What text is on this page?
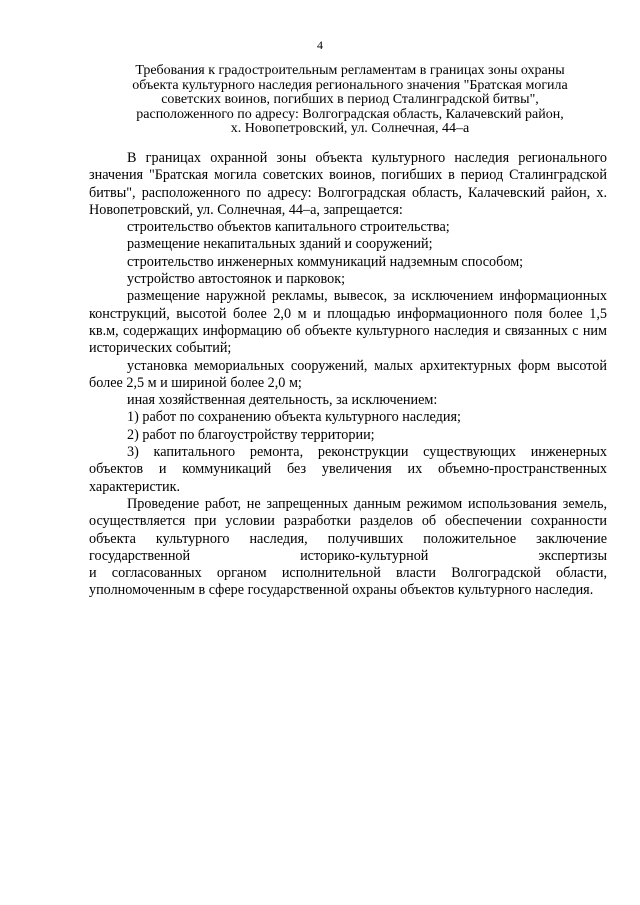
4
Требования к градостроительным регламентам в границах зоны охраны
объекта культурного наследия регионального значения "Братская могила
советских воинов, погибших в период Сталинградской битвы",
расположенного по адресу: Волгоградская область, Калачевский район,
х. Новопетровский, ул. Солнечная, 44–а

В границах охранной зоны объекта культурного наследия регионального значения "Братская могила советских воинов, погибших в период Сталинградской битвы", расположенного по адресу: Волгоградская область, Калачевский район, х. Новопетровский, ул. Солнечная, 44–а, запрещается:

строительство объектов капитального строительства;

размещение некапитальных зданий и сооружений;

строительство инженерных коммуникаций надземным способом;

устройство автостоянок и парковок;

размещение наружной рекламы, вывесок, за исключением информационных конструкций, высотой более 2,0 м и площадью информационного поля более 1,5 кв.м, содержащих информацию об объекте культурного наследия и связанных с ним исторических событий;

установка мемориальных сооружений, малых архитектурных форм высотой более 2,5 м и шириной более 2,0 м;

иная хозяйственная деятельность, за исключением:

1) работ по сохранению объекта культурного наследия;

2) работ по благоустройству территории;

3) капитального ремонта, реконструкции существующих инженерных объектов и коммуникаций без увеличения их объемно-пространственных характеристик.

Проведение работ, не запрещенных данным режимом использования земель, осуществляется при условии разработки разделов об обеспечении сохранности объекта культурного наследия, получивших положительное заключение государственной историко-культурной экспертизы
и согласованных органом исполнительной власти Волгоградской области, уполномоченным в сфере государственной охраны объектов культурного наследия.
